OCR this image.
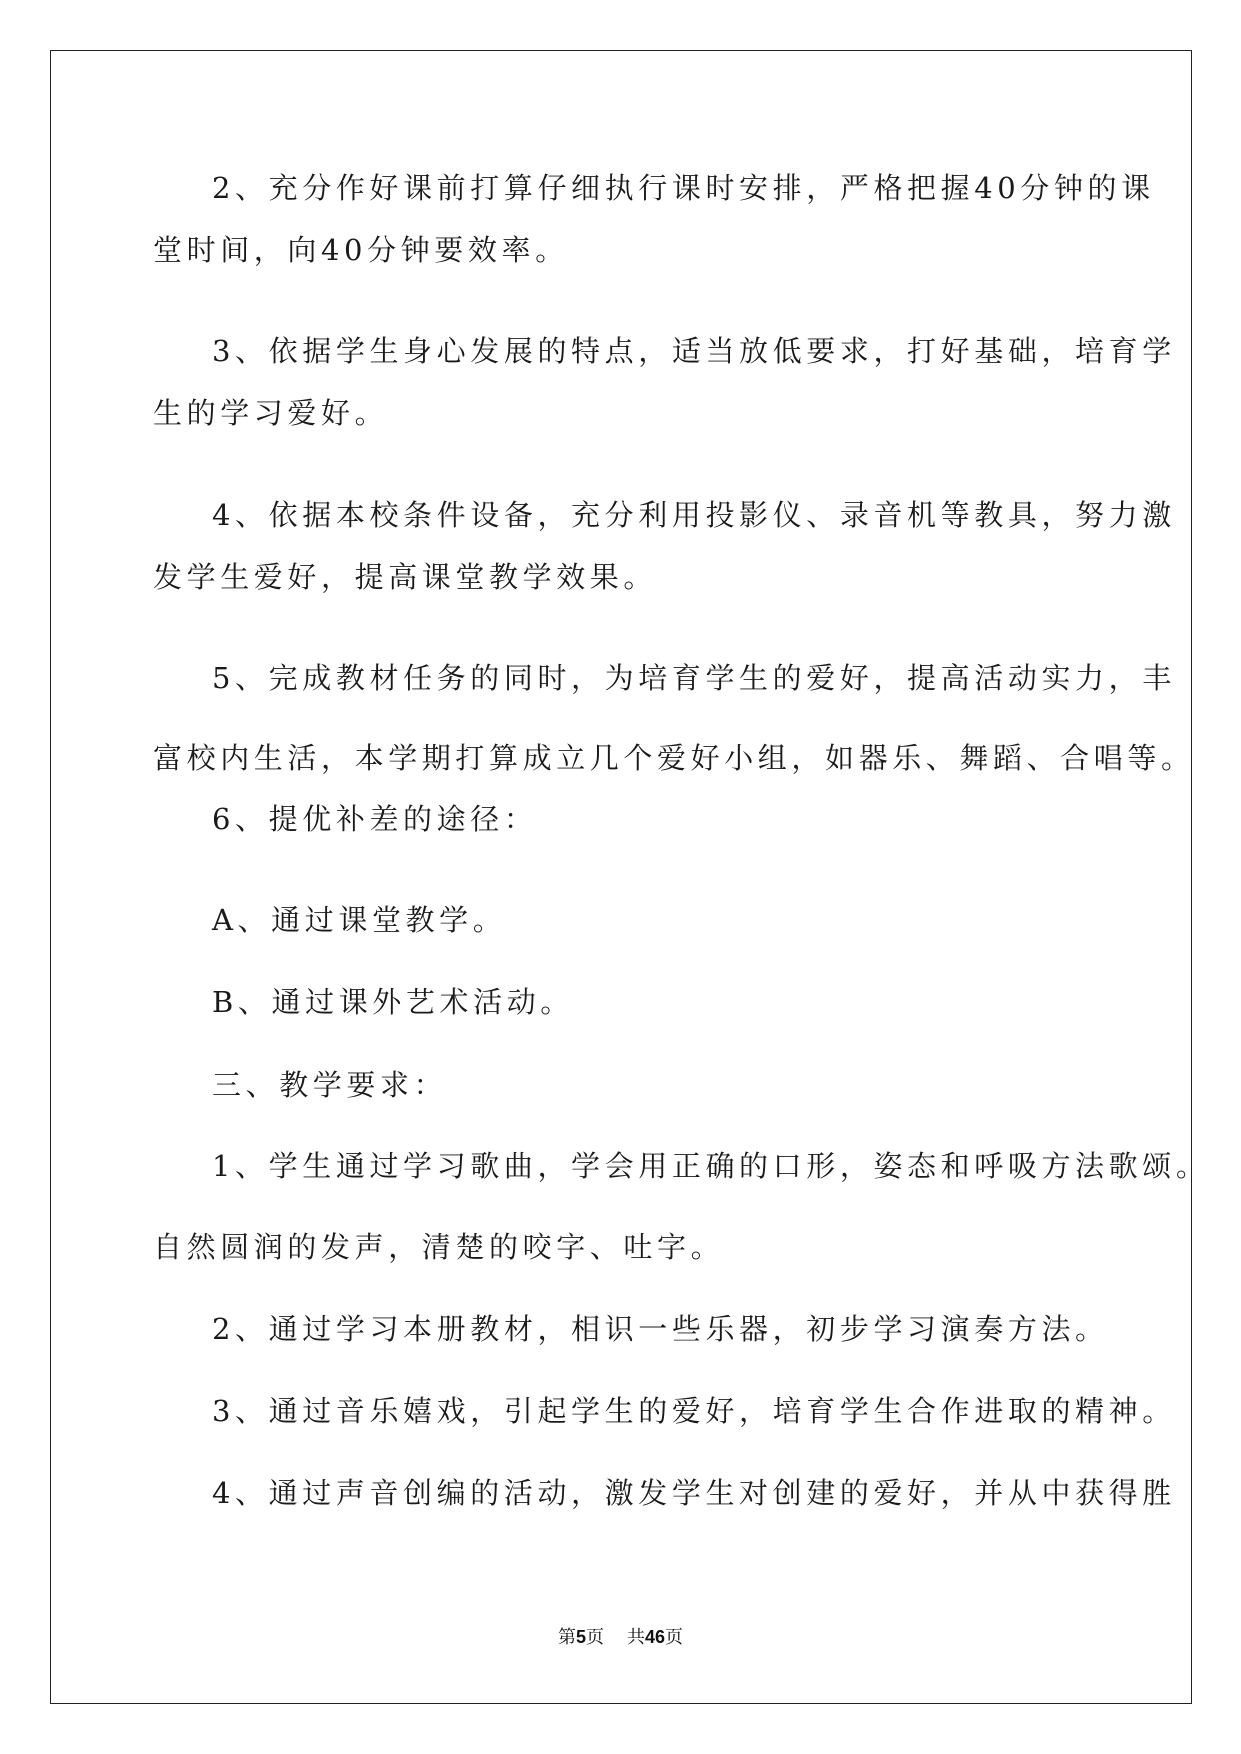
2、充分作好课前打算仔细执行课时安排，严格把握40分钟的课
堂时间，向40分钟要效率。
3、依据学生身心发展的特点，适当放低要求，打好基础，培育学
生的学习爱好。
4、依据本校条件设备，充分利用投影仪、录音机等教具，努力激
发学生爱好，提高课堂教学效果。
5、完成教材任务的同时，为培育学生的爱好，提高活动实力，丰
富校内生活，本学期打算成立几个爱好小组，如器乐、舞蹈、合唱等。
6、提优补差的途径：
A、通过课堂教学。
B、通过课外艺术活动。
三、教学要求：
1、学生通过学习歌曲，学会用正确的口形，姿态和呼吸方法歌颂。
自然圆润的发声，清楚的咬字、吐字。
2、通过学习本册教材，相识一些乐器，初步学习演奏方法。
3、通过音乐嬉戏，引起学生的爱好，培育学生合作进取的精神。
4、通过声音创编的活动，激发学生对创建的爱好，并从中获得胜
第5页 共46页
